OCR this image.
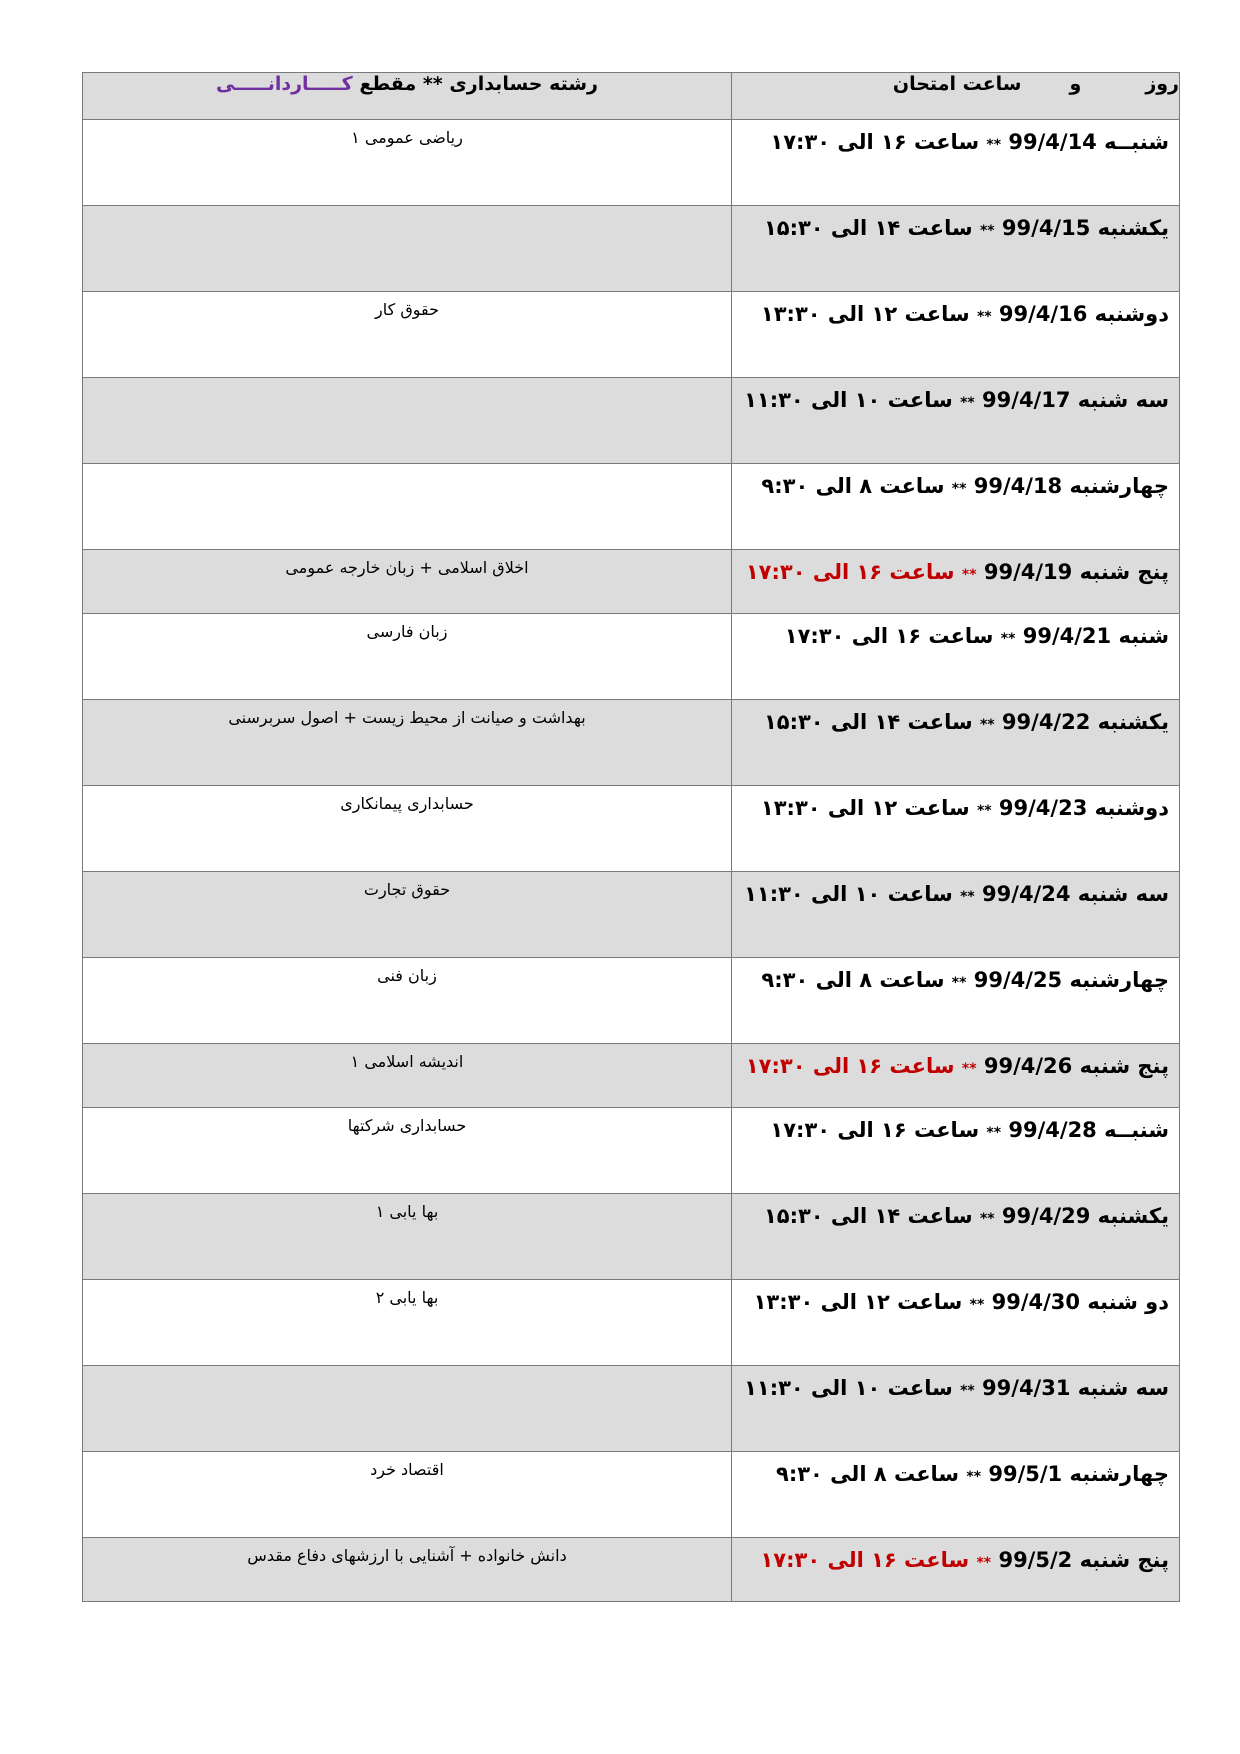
روزوساعت امتحان	رشته حسابداری ** مقطع کـــــاردانـــــی
شنبــه 99/4/14 ** ساعت ۱۶ الی ۱۷:۳۰	ریاضی عمومی ۱
یکشنبه 99/4/15 ** ساعت ۱۴ الی ۱۵:۳۰	
دوشنبه 99/4/16 ** ساعت ۱۲ الی ۱۳:۳۰	حقوق کار
سه شنبه 99/4/17 ** ساعت ۱۰ الی ۱۱:۳۰	
چهارشنبه 99/4/18 ** ساعت ۸ الی ۹:۳۰	
پنج شنبه 99/4/19 ** ساعت ۱۶ الی ۱۷:۳۰	اخلاق اسلامی + زبان خارجه عمومی
شنبه 99/4/21 ** ساعت ۱۶ الی ۱۷:۳۰	زبان فارسی
یکشنبه 99/4/22 ** ساعت ۱۴ الی ۱۵:۳۰	بهداشت و صیانت از محیط زیست + اصول سربرسنی
دوشنبه 99/4/23 ** ساعت ۱۲ الی ۱۳:۳۰	حسابداری پیمانکاری
سه شنبه 99/4/24 ** ساعت ۱۰ الی ۱۱:۳۰	حقوق تجارت
چهارشنبه 99/4/25 ** ساعت ۸ الی ۹:۳۰	زبان فنی
پنج شنبه 99/4/26 ** ساعت ۱۶ الی ۱۷:۳۰	اندیشه اسلامی ۱
شنبــه 99/4/28 ** ساعت ۱۶ الی ۱۷:۳۰	حسابداری شرکتها
یکشنبه 99/4/29 ** ساعت ۱۴ الی ۱۵:۳۰	بها یابی ۱
دو شنبه 99/4/30 ** ساعت ۱۲ الی ۱۳:۳۰	بها یابی ۲
سه شنبه 99/4/31 ** ساعت ۱۰ الی ۱۱:۳۰	
چهارشنبه 99/5/1 ** ساعت ۸ الی ۹:۳۰	اقتصاد خرد
پنج شنبه 99/5/2 ** ساعت ۱۶ الی ۱۷:۳۰	دانش خانواده + آشنایی با ارزشهای دفاع مقدس
